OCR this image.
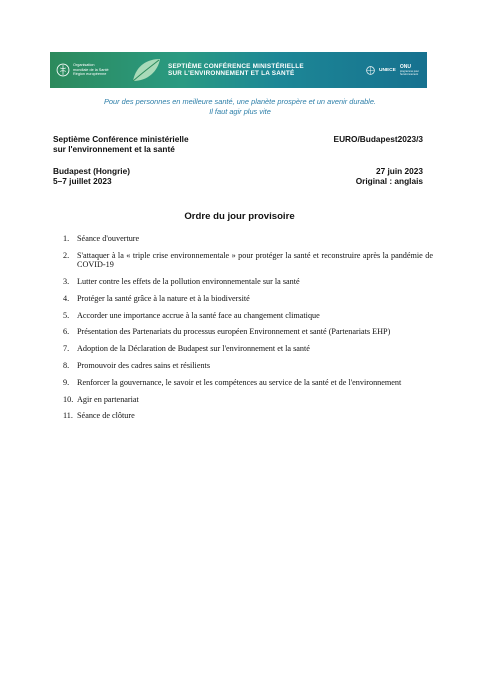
Organisation
mondiale de la Santé
Région européenne
SEPTIÈME CONFÉRENCE MINISTÉRIELLE
SUR L'ENVIRONNEMENT ET LA SANTÉ	UNECE
ONU
programme pour
l'environnement
Pour des personnes en meilleure santé, une planète prospère et un avenir durable.
Il faut agir plus vite
Septième Conférence ministérielle
sur l'environnement et la santé
EURO/Budapest2023/3
Budapest (Hongrie)
5–7 juillet 2023
27 juin 2023
Original : anglais
Ordre du jour provisoire
1. Séance d'ouverture
2. S'attaquer à la « triple crise environnementale » pour protéger la santé et reconstruire après la pandémie de COVID-19
3. Lutter contre les effets de la pollution environnementale sur la santé
4. Protéger la santé grâce à la nature et à la biodiversité
5. Accorder une importance accrue à la santé face au changement climatique
6. Présentation des Partenariats du processus européen Environnement et santé (Partenariats EHP)
7. Adoption de la Déclaration de Budapest sur l'environnement et la santé
8. Promouvoir des cadres sains et résilients
9. Renforcer la gouvernance, le savoir et les compétences au service de la santé et de l'environnement
10. Agir en partenariat
11. Séance de clôture
